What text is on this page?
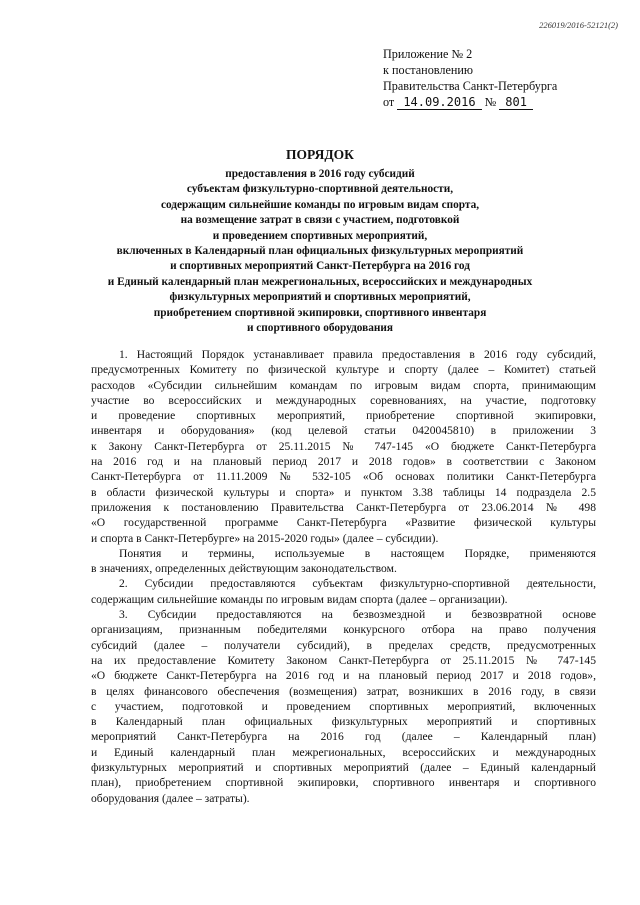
226019/2016-52121(2)
Приложение № 2
к постановлению
Правительства Санкт-Петербурга
от 14.09.2016 № 801
ПОРЯДОК
предоставления в 2016 году субсидий
субъектам физкультурно-спортивной деятельности,
содержащим сильнейшие команды по игровым видам спорта,
на возмещение затрат в связи с участием, подготовкой
и проведением спортивных мероприятий,
включенных в Календарный план официальных физкультурных мероприятий
и спортивных мероприятий Санкт-Петербурга на 2016 год
и Единый календарный план межрегиональных, всероссийских и международных
физкультурных мероприятий и спортивных мероприятий,
приобретением спортивной экипировки, спортивного инвентаря
и спортивного оборудования

1. Настоящий Порядок устанавливает правила предоставления в 2016 году субсидий,
предусмотренных Комитету по физической культуре и спорту (далее – Комитет) статьей
расходов «Субсидии сильнейшим командам по игровым видам спорта, принимающим
участие во всероссийских и международных соревнованиях, на участие, подготовку
и проведение спортивных мероприятий, приобретение спортивной экипировки,
инвентаря и оборудования» (код целевой статьи 0420045810) в приложении 3
к Закону Санкт-Петербурга от 25.11.2015 № 747-145 «О бюджете Санкт-Петербурга
на 2016 год и на плановый период 2017 и 2018 годов» в соответствии с Законом
Санкт-Петербурга от 11.11.2009 № 532-105 «Об основах политики Санкт-Петербурга
в области физической культуры и спорта» и пунктом 3.38 таблицы 14 подраздела 2.5
приложения к постановлению Правительства Санкт-Петербурга от 23.06.2014 № 498
«О государственной программе Санкт-Петербурга «Развитие физической культуры
и спорта в Санкт-Петербурге» на 2015-2020 годы» (далее – субсидии).

Понятия и термины, используемые в настоящем Порядке, применяются
в значениях, определенных действующим законодательством.

2. Субсидии предоставляются субъектам физкультурно-спортивной деятельности,
содержащим сильнейшие команды по игровым видам спорта (далее – организации).

3. Субсидии предоставляются на безвозмездной и безвозвратной основе
организациям, признанным победителями конкурсного отбора на право получения
субсидий (далее – получатели субсидий), в пределах средств, предусмотренных
на их предоставление Комитету Законом Санкт-Петербурга от 25.11.2015 № 747-145
«О бюджете Санкт-Петербурга на 2016 год и на плановый период 2017 и 2018 годов»,
в целях финансового обеспечения (возмещения) затрат, возникших в 2016 году, в связи
с участием, подготовкой и проведением спортивных мероприятий, включенных
в Календарный план официальных физкультурных мероприятий и спортивных
мероприятий Санкт-Петербурга на 2016 год (далее – Календарный план)
и Единый календарный план межрегиональных, всероссийских и международных
физкультурных мероприятий и спортивных мероприятий (далее – Единый календарный
план), приобретением спортивной экипировки, спортивного инвентаря и спортивного
оборудования (далее – затраты).
